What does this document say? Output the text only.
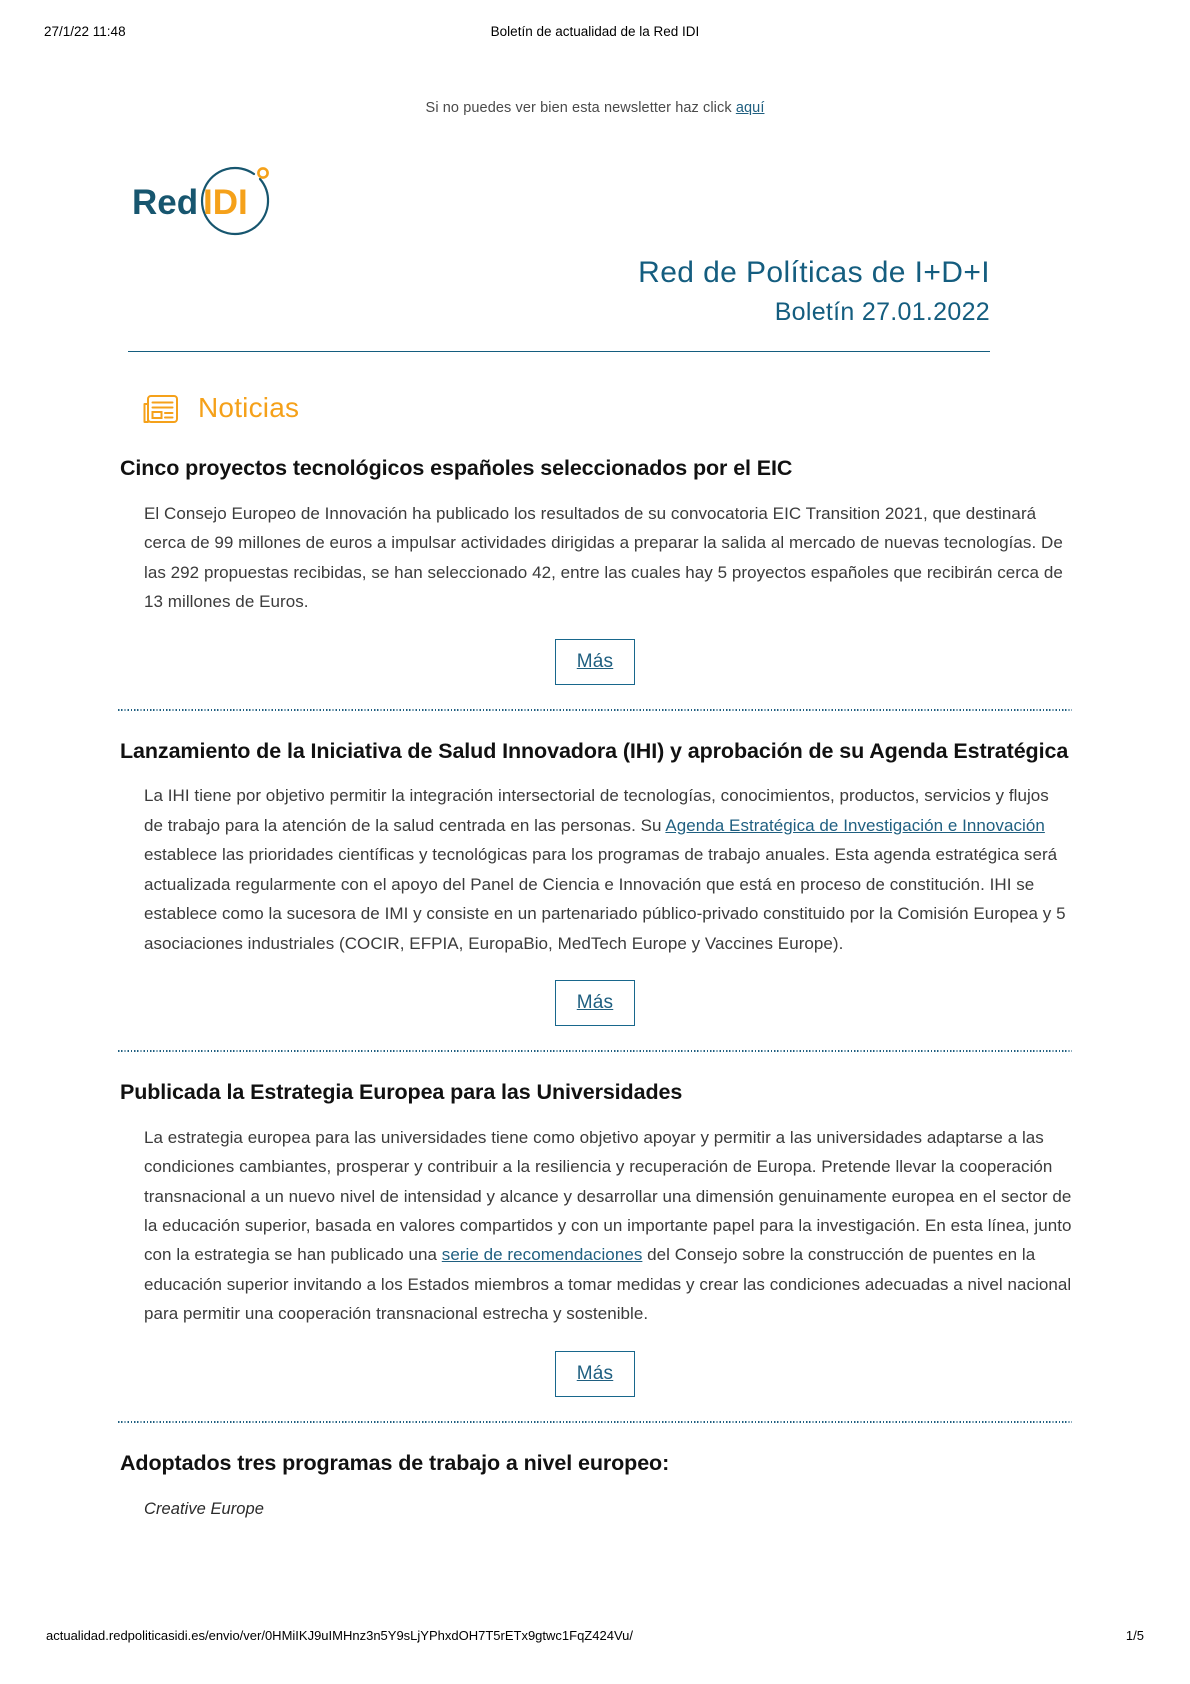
27/1/22 11:48	Boletín de actualidad de la Red IDI
Si no puedes ver bien esta newsletter haz click aquí
Red IDI
Red de Políticas de I+D+I
Boletín 27.01.2022
Noticias
Cinco proyectos tecnológicos españoles seleccionados por el EIC

El Consejo Europeo de Innovación ha publicado los resultados de su convocatoria EIC Transition 2021, que destinará cerca de 99 millones de euros a impulsar actividades dirigidas a preparar la salida al mercado de nuevas tecnologías. De las 292 propuestas recibidas, se han seleccionado 42, entre las cuales hay 5 proyectos españoles que recibirán cerca de 13 millones de Euros.

Más
Lanzamiento de la Iniciativa de Salud Innovadora (IHI) y aprobación de su Agenda Estratégica

La IHI tiene por objetivo permitir la integración intersectorial de tecnologías, conocimientos, productos, servicios y flujos de trabajo para la atención de la salud centrada en las personas. Su Agenda Estratégica de Investigación e Innovación establece las prioridades científicas y tecnológicas para los programas de trabajo anuales. Esta agenda estratégica será actualizada regularmente con el apoyo del Panel de Ciencia e Innovación que está en proceso de constitución. IHI se establece como la sucesora de IMI y consiste en un partenariado público-privado constituido por la Comisión Europea y 5 asociaciones industriales (COCIR, EFPIA, EuropaBio, MedTech Europe y Vaccines Europe).

Más
Publicada la Estrategia Europea para las Universidades

La estrategia europea para las universidades tiene como objetivo apoyar y permitir a las universidades adaptarse a las condiciones cambiantes, prosperar y contribuir a la resiliencia y recuperación de Europa. Pretende llevar la cooperación transnacional a un nuevo nivel de intensidad y alcance y desarrollar una dimensión genuinamente europea en el sector de la educación superior, basada en valores compartidos y con un importante papel para la investigación. En esta línea, junto con la estrategia se han publicado una serie de recomendaciones del Consejo sobre la construcción de puentes en la educación superior invitando a los Estados miembros a tomar medidas y crear las condiciones adecuadas a nivel nacional para permitir una cooperación transnacional estrecha y sostenible.

Más
Adoptados tres programas de trabajo a nivel europeo:

Creative Europe

actualidad.redpoliticasidi.es/envio/ver/0HMiIKJ9uIMHnz3n5Y9sLjYPhxdOH7T5rETx9gtwc1FqZ424Vu/	1/5
